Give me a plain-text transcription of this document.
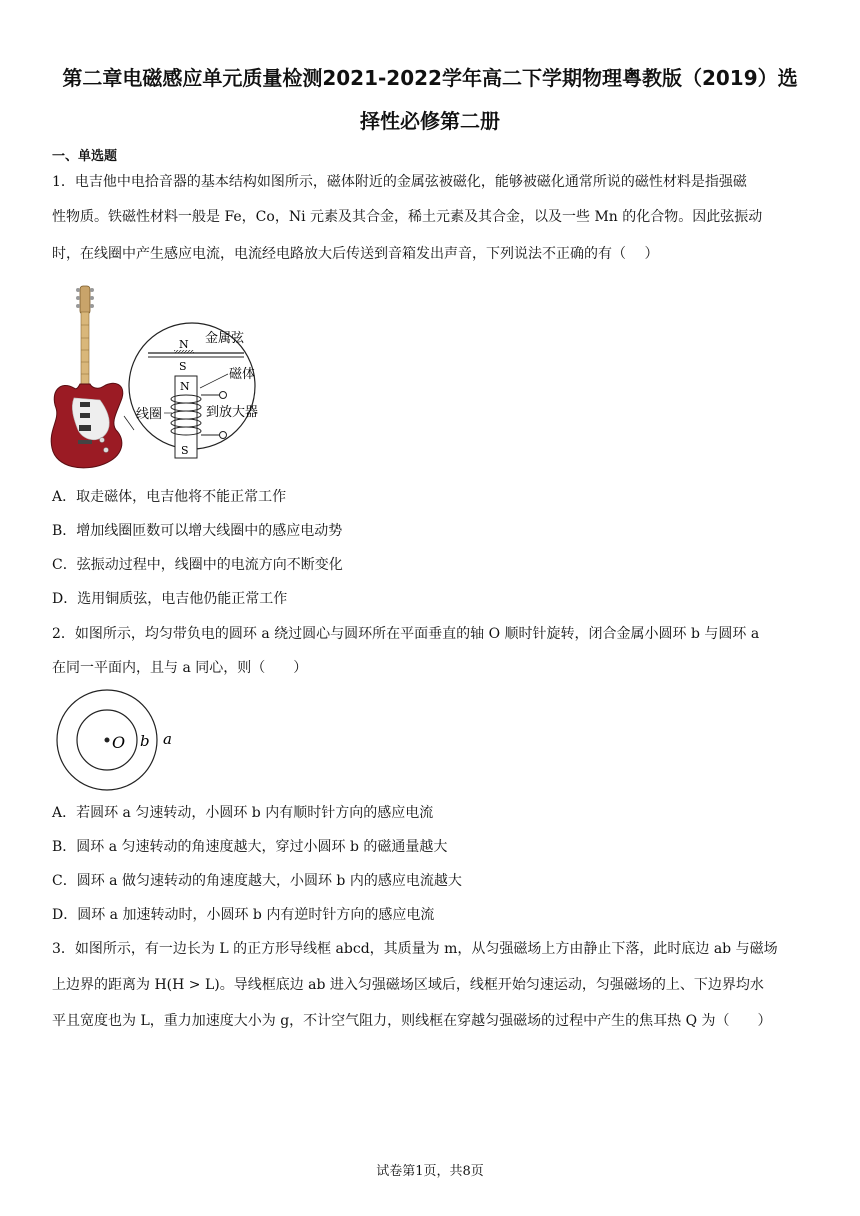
第二章电磁感应单元质量检测2021-2022学年高二下学期物理粤教版（2019）选
择性必修第二册
一、单选题
1．电吉他中电拾音器的基本结构如图所示，磁体附近的金属弦被磁化，能够被磁化通常所说的磁性材料是指强磁
性物质。铁磁性材料一般是 Fe，Co，Ni 元素及其合金，稀土元素及其合金，以及一些 Mn 的化合物。因此弦振动
时，在线圈中产生感应电流，电流经电路放大后传送到音箱发出声音，下列说法不正确的有（　 ）
N
S
金属弦
N
S
磁体
到放大器
线圈
A．取走磁体，电吉他将不能正常工作
B．增加线圈匝数可以增大线圈中的感应电动势
C．弦振动过程中，线圈中的电流方向不断变化
D．选用铜质弦，电吉他仍能正常工作
2．如图所示，均匀带负电的圆环 a 绕过圆心与圆环所在平面垂直的轴 O 顺时针旋转，闭合金属小圆环 b 与圆环 a
在同一平面内，且与 a 同心，则（　　）
O b a
A．若圆环 a 匀速转动，小圆环 b 内有顺时针方向的感应电流
B．圆环 a 匀速转动的角速度越大，穿过小圆环 b 的磁通量越大
C．圆环 a 做匀速转动的角速度越大，小圆环 b 内的感应电流越大
D．圆环 a 加速转动时，小圆环 b 内有逆时针方向的感应电流
3．如图所示，有一边长为 L 的正方形导线框 abcd，其质量为 m，从匀强磁场上方由静止下落，此时底边 ab 与磁场
上边界的距离为 H(H > L)。导线框底边 ab 进入匀强磁场区域后，线框开始匀速运动，匀强磁场的上、下边界均水
平且宽度也为 L，重力加速度大小为 g，不计空气阻力，则线框在穿越匀强磁场的过程中产生的焦耳热 Q 为（　　）
试卷第1页，共8页
